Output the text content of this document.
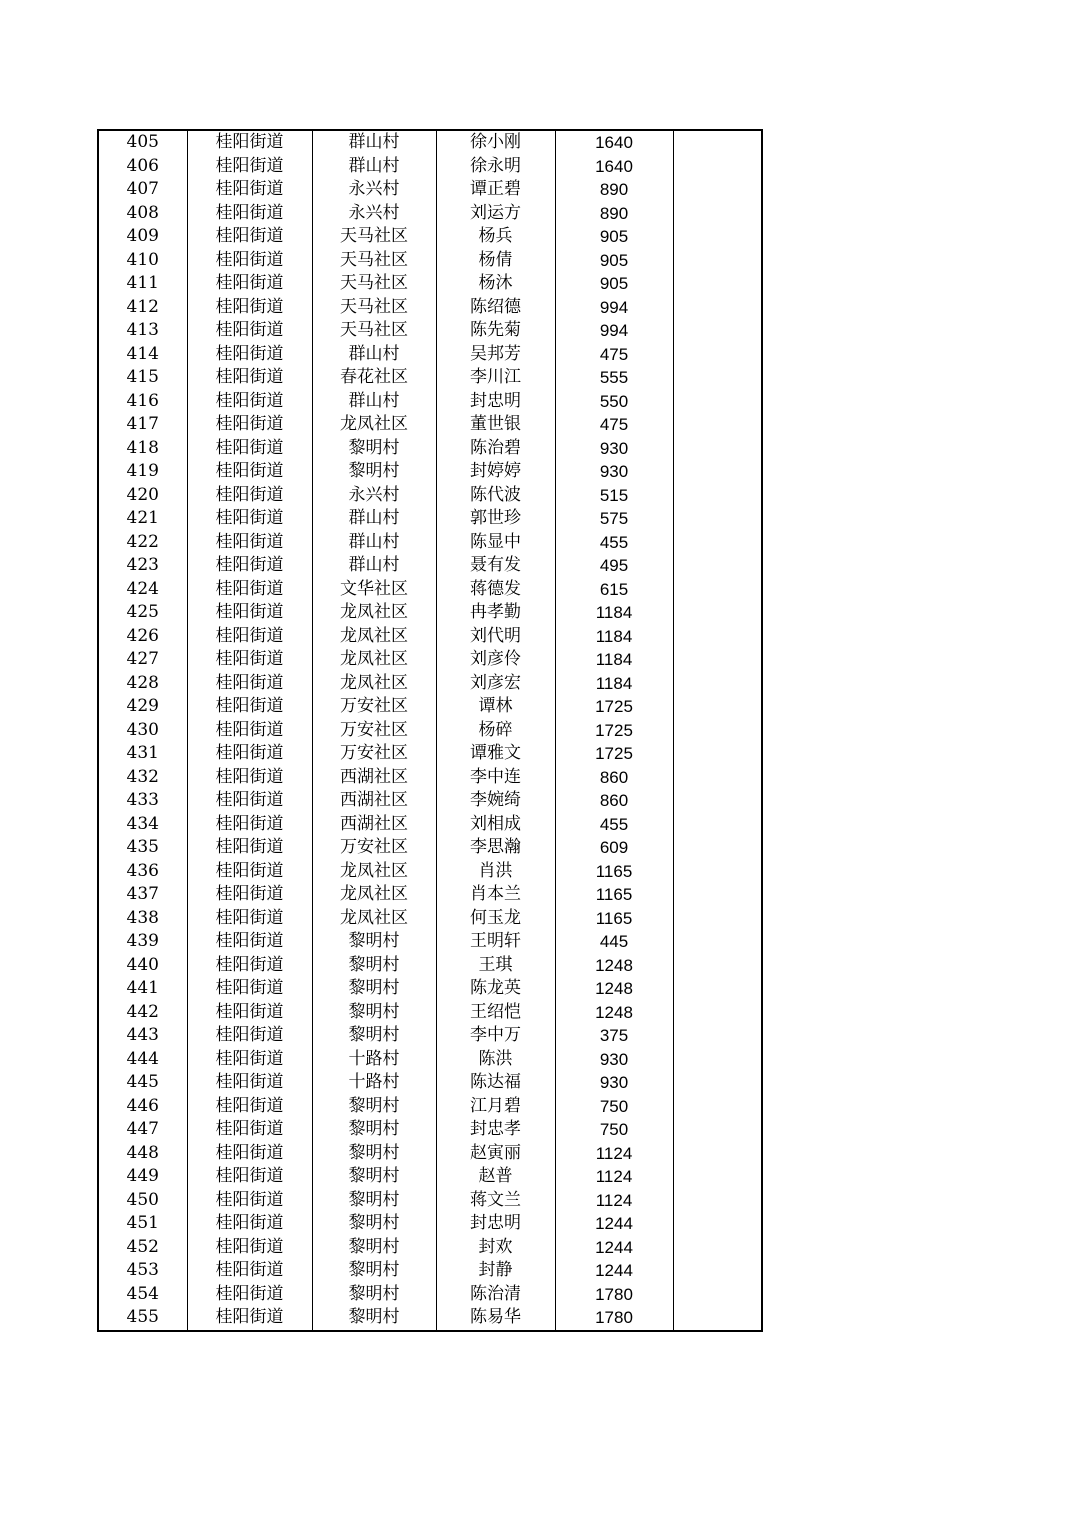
405	桂阳街道	群山村	徐小刚	1640	
406	桂阳街道	群山村	徐永明	1640	
407	桂阳街道	永兴村	谭正碧	890	
408	桂阳街道	永兴村	刘运方	890	
409	桂阳街道	天马社区	杨兵	905	
410	桂阳街道	天马社区	杨倩	905	
411	桂阳街道	天马社区	杨沐	905	
412	桂阳街道	天马社区	陈绍德	994	
413	桂阳街道	天马社区	陈先菊	994	
414	桂阳街道	群山村	吴邦芳	475	
415	桂阳街道	春花社区	李川江	555	
416	桂阳街道	群山村	封忠明	550	
417	桂阳街道	龙凤社区	董世银	475	
418	桂阳街道	黎明村	陈治碧	930	
419	桂阳街道	黎明村	封婷婷	930	
420	桂阳街道	永兴村	陈代波	515	
421	桂阳街道	群山村	郭世珍	575	
422	桂阳街道	群山村	陈显中	455	
423	桂阳街道	群山村	聂有发	495	
424	桂阳街道	文华社区	蒋德发	615	
425	桂阳街道	龙凤社区	冉孝勤	1184	
426	桂阳街道	龙凤社区	刘代明	1184	
427	桂阳街道	龙凤社区	刘彦伶	1184	
428	桂阳街道	龙凤社区	刘彦宏	1184	
429	桂阳街道	万安社区	谭林	1725	
430	桂阳街道	万安社区	杨碎	1725	
431	桂阳街道	万安社区	谭雅文	1725	
432	桂阳街道	西湖社区	李中连	860	
433	桂阳街道	西湖社区	李婉绮	860	
434	桂阳街道	西湖社区	刘相成	455	
435	桂阳街道	万安社区	李思瀚	609	
436	桂阳街道	龙凤社区	肖洪	1165	
437	桂阳街道	龙凤社区	肖本兰	1165	
438	桂阳街道	龙凤社区	何玉龙	1165	
439	桂阳街道	黎明村	王明轩	445	
440	桂阳街道	黎明村	王琪	1248	
441	桂阳街道	黎明村	陈龙英	1248	
442	桂阳街道	黎明村	王绍恺	1248	
443	桂阳街道	黎明村	李中万	375	
444	桂阳街道	十路村	陈洪	930	
445	桂阳街道	十路村	陈达福	930	
446	桂阳街道	黎明村	江月碧	750	
447	桂阳街道	黎明村	封忠孝	750	
448	桂阳街道	黎明村	赵寅丽	1124	
449	桂阳街道	黎明村	赵普	1124	
450	桂阳街道	黎明村	蒋文兰	1124	
451	桂阳街道	黎明村	封忠明	1244	
452	桂阳街道	黎明村	封欢	1244	
453	桂阳街道	黎明村	封静	1244	
454	桂阳街道	黎明村	陈治清	1780	
455	桂阳街道	黎明村	陈易华	1780	
